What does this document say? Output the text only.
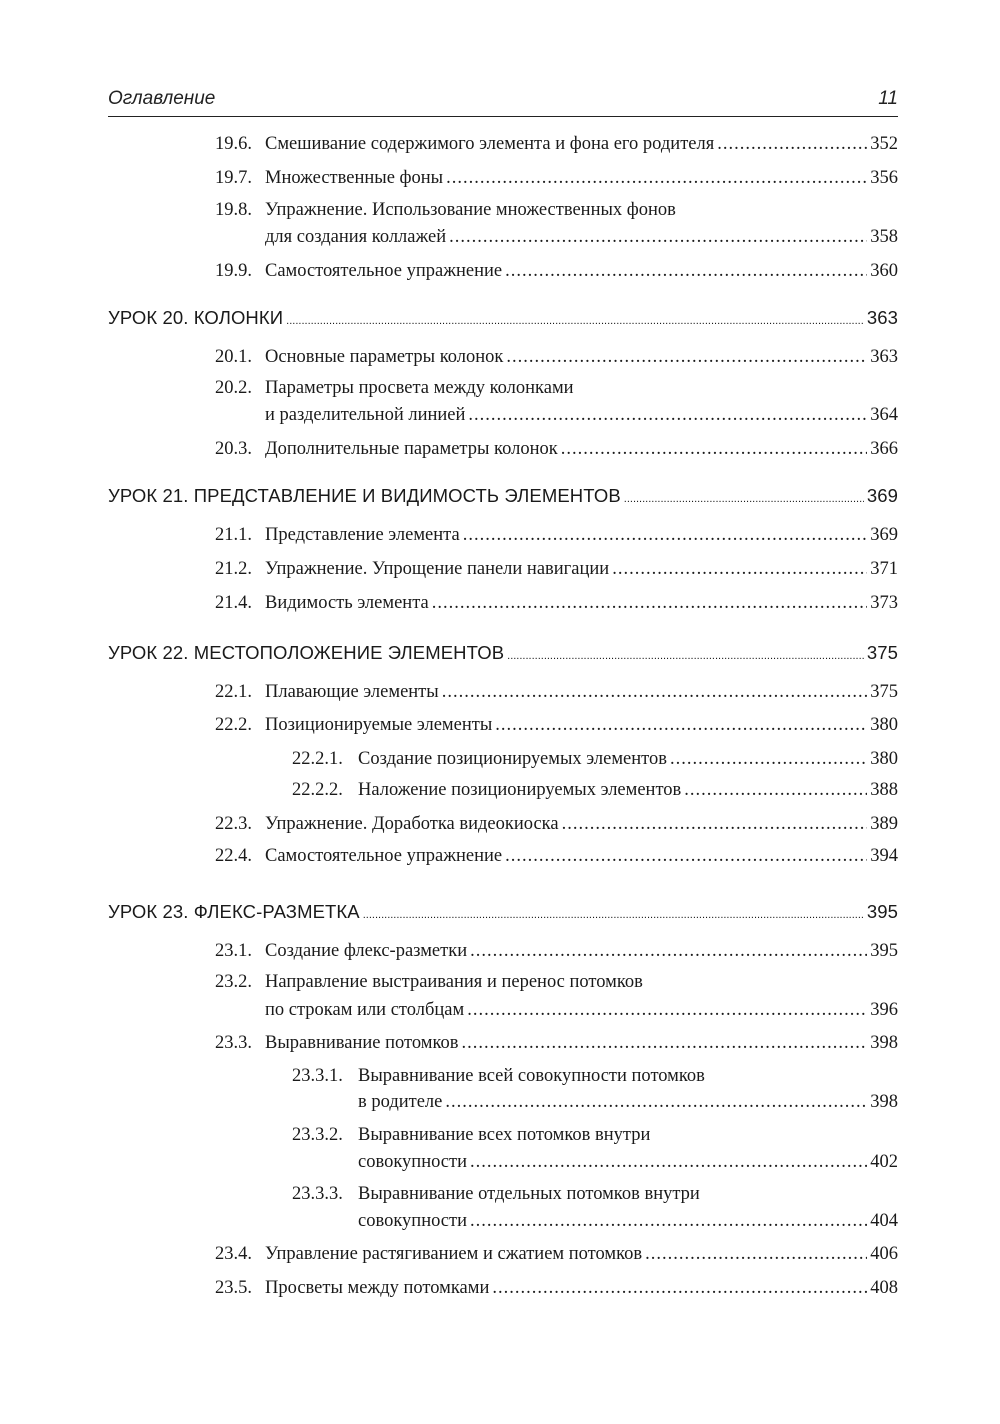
Оглавление	11
19.6. Смешивание содержимого элемента и фона его родителя .....	352
19.7. Множественные фоны .....	356
19.8. Упражнение. Использование множественных фонов
для создания коллажей .....	358
19.9. Самостоятельное упражнение .....	360
УРОК 20. КОЛОНКИ .....	363
20.1. Основные параметры колонок .....	363
20.2. Параметры просвета между колонками
и разделительной линией .....	364
20.3. Дополнительные параметры колонок .....	366
УРОК 21. ПРЕДСТАВЛЕНИЕ И ВИДИМОСТЬ ЭЛЕМЕНТОВ .....	369
21.1. Представление элемента .....	369
21.2. Упражнение. Упрощение панели навигации .....	371
21.4. Видимость элемента .....	373
УРОК 22. МЕСТОПОЛОЖЕНИЕ ЭЛЕМЕНТОВ .....	375
22.1. Плавающие элементы .....	375
22.2. Позиционируемые элементы .....	380
22.2.1. Создание позиционируемых элементов .....	380
22.2.2. Наложение позиционируемых элементов .....	388
22.3. Упражнение. Доработка видеокиоска .....	389
22.4. Самостоятельное упражнение .....	394
УРОК 23. ФЛЕКС-РАЗМЕТКА .....	395
23.1. Создание флекс-разметки .....	395
23.2. Направление выстраивания и перенос потомков
по строкам или столбцам .....	396
23.3. Выравнивание потомков .....	398
23.3.1. Выравнивание всей совокупности потомков
в родителе .....	398
23.3.2. Выравнивание всех потомков внутри
совокупности .....	402
23.3.3. Выравнивание отдельных потомков внутри
совокупности .....	404
23.4. Управление растягиванием и сжатием потомков .....	406
23.5. Просветы между потомками .....	408
